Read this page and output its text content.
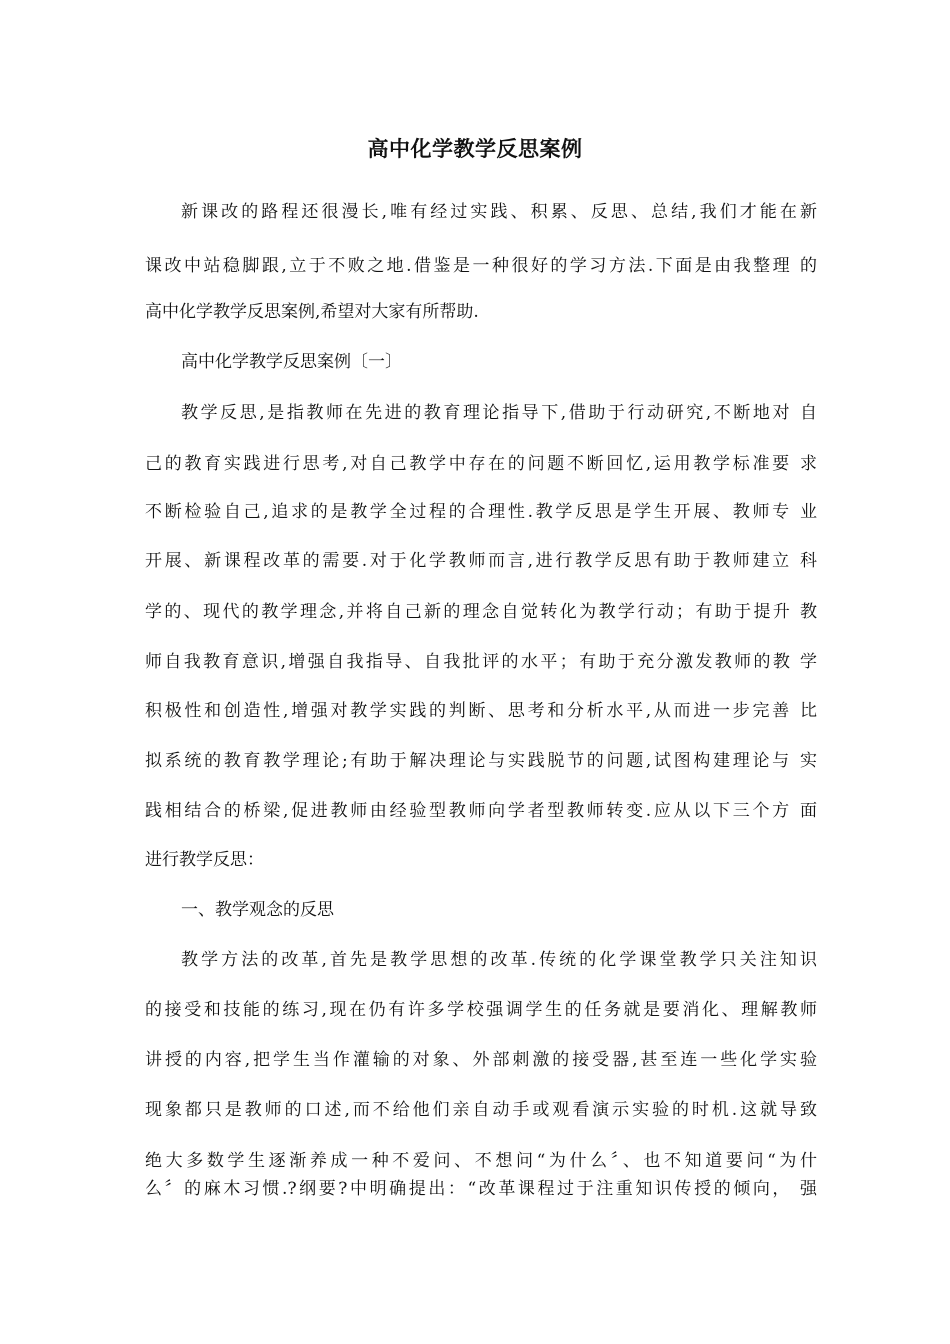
高中化学教学反思案例
新课改的路程还很漫长,唯有经过实践、积累、反思、总结,我们才能在新
课改中站稳脚跟,立于不败之地.借鉴是一种很好的学习方法.下面是由我整理 的
高中化学教学反思案例,希望对大家有所帮助.
高中化学教学反思案例〔一〕
教学反思,是指教师在先进的教育理论指导下,借助于行动研究,不断地对 自
己的教育实践进行思考,对自己教学中存在的问题不断回忆,运用教学标准要 求
不断检验自己,追求的是教学全过程的合理性.教学反思是学生开展、教师专 业
开展、新课程改革的需要.对于化学教师而言,进行教学反思有助于教师建立 科
学的、现代的教学理念,并将自己新的理念自觉转化为教学行动；有助于提升 教
师自我教育意识,增强自我指导、自我批评的水平；有助于充分激发教师的教 学
积极性和创造性,增强对教学实践的判断、思考和分析水平,从而进一步完善 比
拟系统的教育教学理论;有助于解决理论与实践脱节的问题,试图构建理论与 实
践相结合的桥梁,促进教师由经验型教师向学者型教师转变.应从以下三个方 面
进行教学反思：
一、教学观念的反思
教学方法的改革,首先是教学思想的改革.传统的化学课堂教学只关注知识
的接受和技能的练习,现在仍有许多学校强调学生的任务就是要消化、理解教师
讲授的内容,把学生当作灌输的对象、外部刺激的接受器,甚至连一些化学实验
现象都只是教师的口述,而不给他们亲自动手或观看演示实验的时机.这就导致
绝大多数学生逐渐养成一种不爱问、不想问“为什么〞、也不知道要问“为什
么〞的麻木习惯.?纲要?中明确提出：“改革课程过于注重知识传授的倾向， 强
